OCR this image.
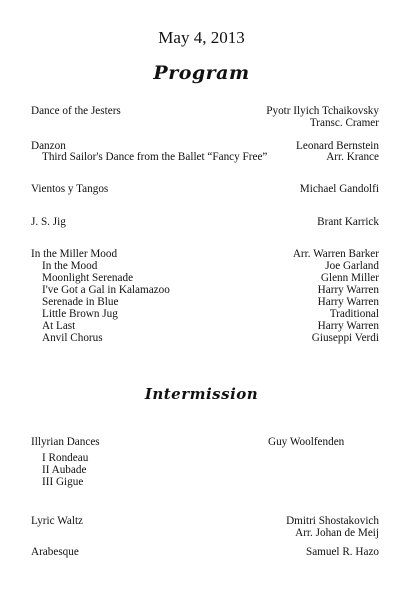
May 4, 2013
Program
Dance of the Jesters	Pyotr Ilyich Tchaikovsky
Transc. Cramer
Danzon	Leonard Bernstein
Third Sailor's Dance from the Ballet “Fancy Free”	Arr. Krance
Vientos y Tangos	Michael Gandolfi
J. S. Jig	Brant Karrick
In the Miller Mood	Arr. Warren Barker
In the Mood	Joe Garland
Moonlight Serenade	Glenn Miller
I've Got a Gal in Kalamazoo	Harry Warren
Serenade in Blue	Harry Warren
Little Brown Jug	Traditional
At Last	Harry Warren
Anvil Chorus	Giuseppi Verdi
Intermission
Illyrian Dances	Guy Woolfenden
I Rondeau
II Aubade
III Gigue
Lyric Waltz	Dmitri Shostakovich
Arr. Johan de Meij
Arabesque	Samuel R. Hazo
